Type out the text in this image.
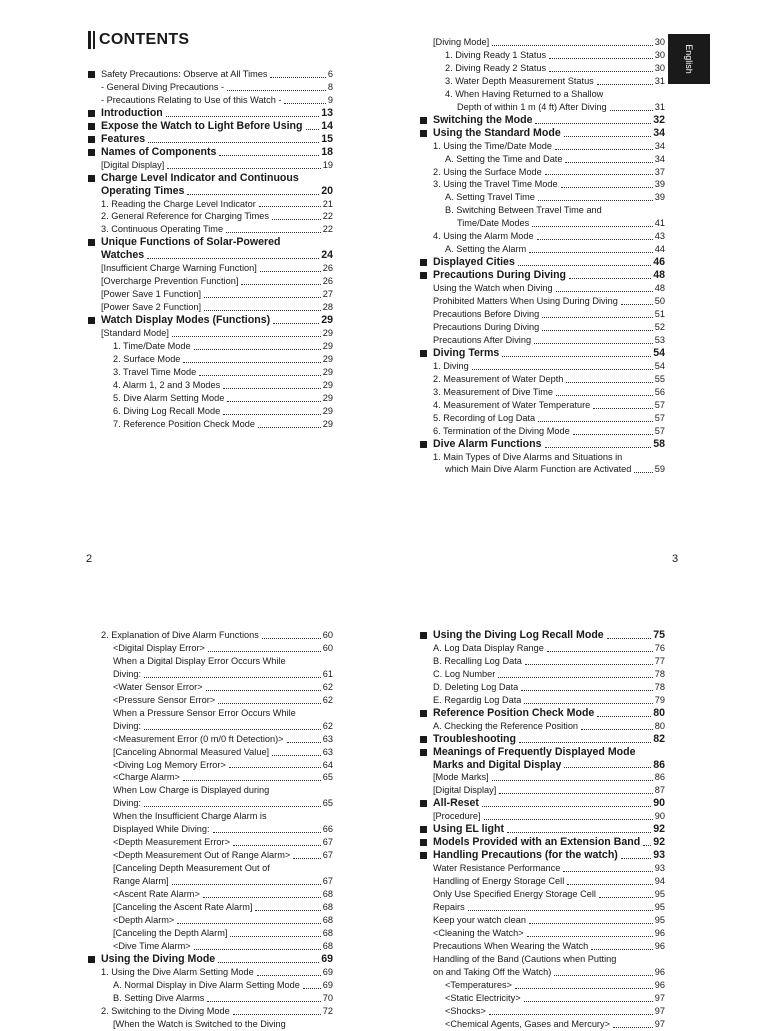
CONTENTS
English
Safety Precautions: Observe at All Times	6
- General Diving Precautions -	8
- Precautions Relating to Use of this Watch -	9
Introduction	13
Expose the Watch to Light Before Using 14
Features	15
Names of Components	18
[Digital Display]	19
Charge Level Indicator and Continuous
Operating Times	20
1. Reading the Charge Level Indicator	21
2. General Reference for Charging Times	22
3. Continuous Operating Time	22
Unique Functions of Solar-Powered
Watches	24
[Insufficient Charge Warning Function]	26
[Overcharge Prevention Function]	26
[Power Save 1 Function]	27
[Power Save 2 Function]	28
Watch Display Modes (Functions)	29
[Standard Mode]	29
1. Time/Date Mode	29
2. Surface Mode	29
3. Travel Time Mode	29
4. Alarm 1, 2 and 3 Modes	29
5. Dive Alarm Setting Mode	29
6. Diving Log Recall Mode	29
7. Reference Position Check Mode	29
[Diving Mode]	30
1. Diving Ready 1 Status	30
2. Diving Ready 2 Status	30
3. Water Depth Measurement Status	31
4. When Having Returned to a Shallow
Depth of within 1 m (4 ft) After Diving	31
Switching the Mode	32
Using the Standard Mode	34
1. Using the Time/Date Mode	34
A. Setting the Time and Date	34
2. Using the Surface Mode	37
3. Using the Travel Time Mode	39
A. Setting Travel Time	39
B. Switching Between Travel Time and
Time/Date Modes	41
4. Using the Alarm Mode	43
A. Setting the Alarm	44
Displayed Cities	46
Precautions During Diving	48
Using the Watch when Diving	48
Prohibited Matters When Using During Diving	50
Precautions Before Diving	51
Precautions During Diving	52
Precautions After Diving	53
Diving Terms	54
1. Diving	54
2. Measurement of Water Depth	55
3. Measurement of Dive Time	56
4. Measurement of Water Temperature	57
5. Recording of Log Data	57
6. Termination of the Diving Mode	57
Dive Alarm Functions	58
1. Main Types of Dive Alarms and Situations in
which Main Dive Alarm Function are Activated	59
2. Explanation of Dive Alarm Functions	60
<Digital Display Error>	60
When a Digital Display Error Occurs While
Diving:	61
<Water Sensor Error>	62
<Pressure Sensor Error>	62
When a Pressure Sensor Error Occurs While
Diving:	62
<Measurement Error (0 m/0 ft Detection)>	63
[Canceling Abnormal Measured Value]	63
<Diving Log Memory Error>	64
<Charge Alarm>	65
When Low Charge is Displayed during
Diving:	65
When the Insufficient Charge Alarm is
Displayed While Diving:	66
<Depth Measurement Error>	67
<Depth Measurement Out of Range Alarm>	67
[Canceling Depth Measurement Out of
Range Alarm]	67
<Ascent Rate Alarm>	68
[Canceling the Ascent Rate Alarm]	68
<Depth Alarm>	68
[Canceling the Depth Alarm]	68
<Dive Time Alarm>	68
Using the Diving Mode	69
1. Using the Dive Alarm Setting Mode	69
A. Normal Display in Dive Alarm Setting Mode 69
B. Setting Dive Alarms	70
2. Switching to the Diving Mode	72
[When the Watch is Switched to the Diving
Using the Diving Log Recall Mode	75
A. Log Data Display Range	76
B. Recalling Log Data	77
C. Log Number	78
D. Deleting Log Data	78
E. Regardig Log Data	79
Reference Position Check Mode	80
A. Checking the Reference Position	80
Troubleshooting	82
Meanings of Frequently Displayed Mode
Marks and Digital Display	86
[Mode Marks]	86
[Digital Display]	87
All-Reset	90
[Procedure]	90
Using EL light	92
Models Provided with an Extension Band 92
Handling Precautions (for the watch)	93
Water Resistance Performance	93
Handling of Energy Storage Cell	94
Only Use Specified Energy Storage Cell	95
Repairs	95
Keep your watch clean	95
<Cleaning the Watch>	96
Precautions When Wearing the Watch	96
Handling of the Band (Cautions when Putting
on and Taking Off the Watch)	96
<Temperatures>	96
<Static Electricity>	97
<Shocks>	97
<Chemical Agents, Gases and Mercury>	97
2	3
